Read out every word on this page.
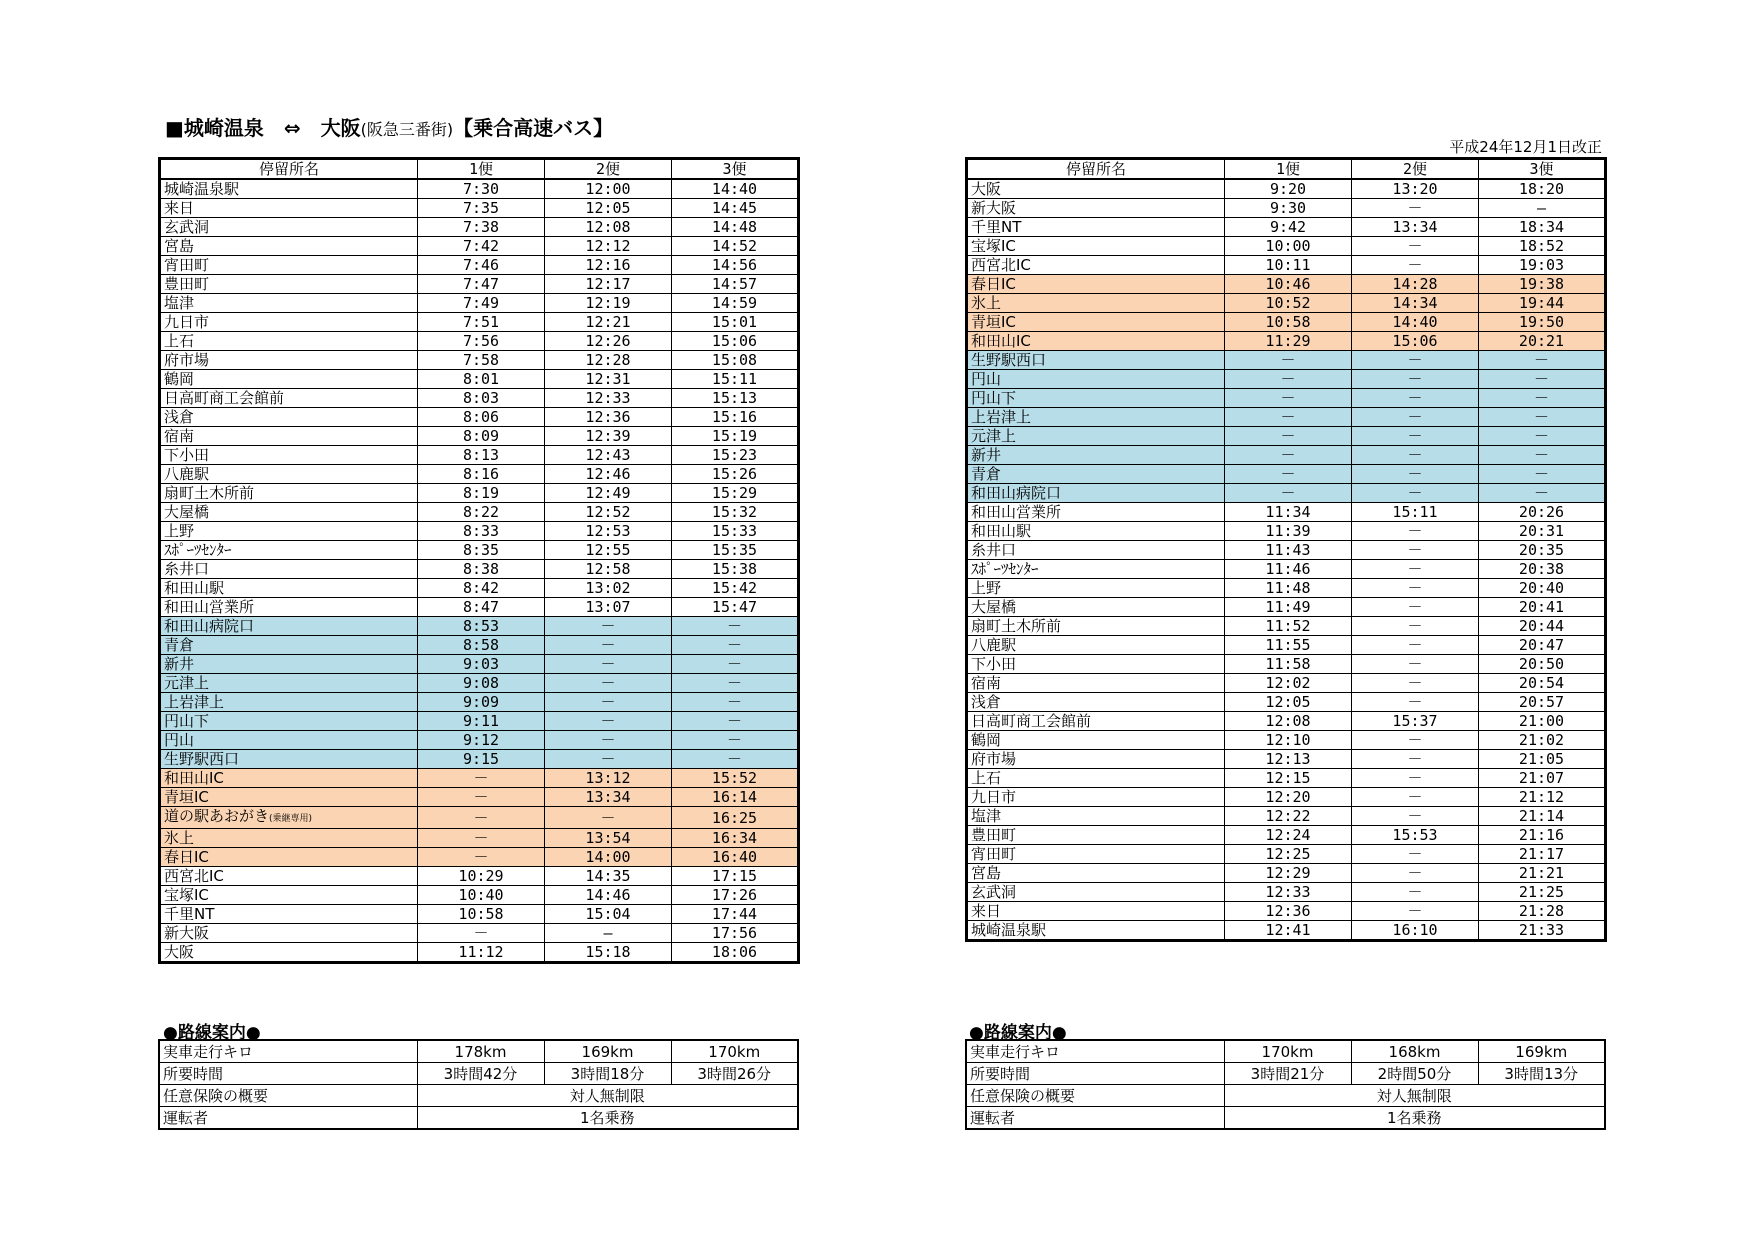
■城崎温泉　⇔　大阪(阪急三番街)【乗合高速バス】
平成24年12月1日改正
停留所名	1便	2便	3便
城崎温泉駅	7:30	12:00	14:40
来日	7:35	12:05	14:45
玄武洞	7:38	12:08	14:48
宮島	7:42	12:12	14:52
宵田町	7:46	12:16	14:56
豊田町	7:47	12:17	14:57
塩津	7:49	12:19	14:59
九日市	7:51	12:21	15:01
上石	7:56	12:26	15:06
府市場	7:58	12:28	15:08
鶴岡	8:01	12:31	15:11
日高町商工会館前	8:03	12:33	15:13
浅倉	8:06	12:36	15:16
宿南	8:09	12:39	15:19
下小田	8:13	12:43	15:23
八鹿駅	8:16	12:46	15:26
扇町土木所前	8:19	12:49	15:29
大屋橋	8:22	12:52	15:32
上野	8:33	12:53	15:33
ｽﾎﾟｰﾂｾﾝﾀｰ	8:35	12:55	15:35
糸井口	8:38	12:58	15:38
和田山駅	8:42	13:02	15:42
和田山営業所	8:47	13:07	15:47
和田山病院口	8:53	－	－
青倉	8:58	－	－
新井	9:03	－	－
元津上	9:08	－	－
上岩津上	9:09	－	－
円山下	9:11	－	－
円山	9:12	－	－
生野駅西口	9:15	－	－
和田山IC	－	13:12	15:52
青垣IC	－	13:34	16:14
道の駅あおがき(乗継専用)	－	－	16:25
氷上	－	13:54	16:34
春日IC	－	14:00	16:40
西宮北IC	10:29	14:35	17:15
宝塚IC	10:40	14:46	17:26
千里NT	10:58	15:04	17:44
新大阪	－	—	17:56
大阪	11:12	15:18	18:06
停留所名	1便	2便	3便
大阪	9:20	13:20	18:20
新大阪	9:30	－	—
千里NT	9:42	13:34	18:34
宝塚IC	10:00	－	18:52
西宮北IC	10:11	－	19:03
春日IC	10:46	14:28	19:38
氷上	10:52	14:34	19:44
青垣IC	10:58	14:40	19:50
和田山IC	11:29	15:06	20:21
生野駅西口	－	－	－
円山	－	－	－
円山下	－	－	－
上岩津上	－	－	－
元津上	－	－	－
新井	－	－	－
青倉	－	－	－
和田山病院口	－	－	－
和田山営業所	11:34	15:11	20:26
和田山駅	11:39	－	20:31
糸井口	11:43	－	20:35
ｽﾎﾟｰﾂｾﾝﾀｰ	11:46	－	20:38
上野	11:48	－	20:40
大屋橋	11:49	－	20:41
扇町土木所前	11:52	－	20:44
八鹿駅	11:55	－	20:47
下小田	11:58	－	20:50
宿南	12:02	－	20:54
浅倉	12:05	－	20:57
日高町商工会館前	12:08	15:37	21:00
鶴岡	12:10	－	21:02
府市場	12:13	－	21:05
上石	12:15	－	21:07
九日市	12:20	－	21:12
塩津	12:22	－	21:14
豊田町	12:24	15:53	21:16
宵田町	12:25	－	21:17
宮島	12:29	－	21:21
玄武洞	12:33	－	21:25
来日	12:36	－	21:28
城崎温泉駅	12:41	16:10	21:33
●路線案内●
実車走行キロ	178km	169km	170km
所要時間	3時間42分	3時間18分	3時間26分
任意保険の概要	対人無制限		
運転者	1名乗務		
●路線案内●
実車走行キロ	170km	168km	169km
所要時間	3時間21分	2時間50分	3時間13分
任意保険の概要	対人無制限		
運転者	1名乗務		
